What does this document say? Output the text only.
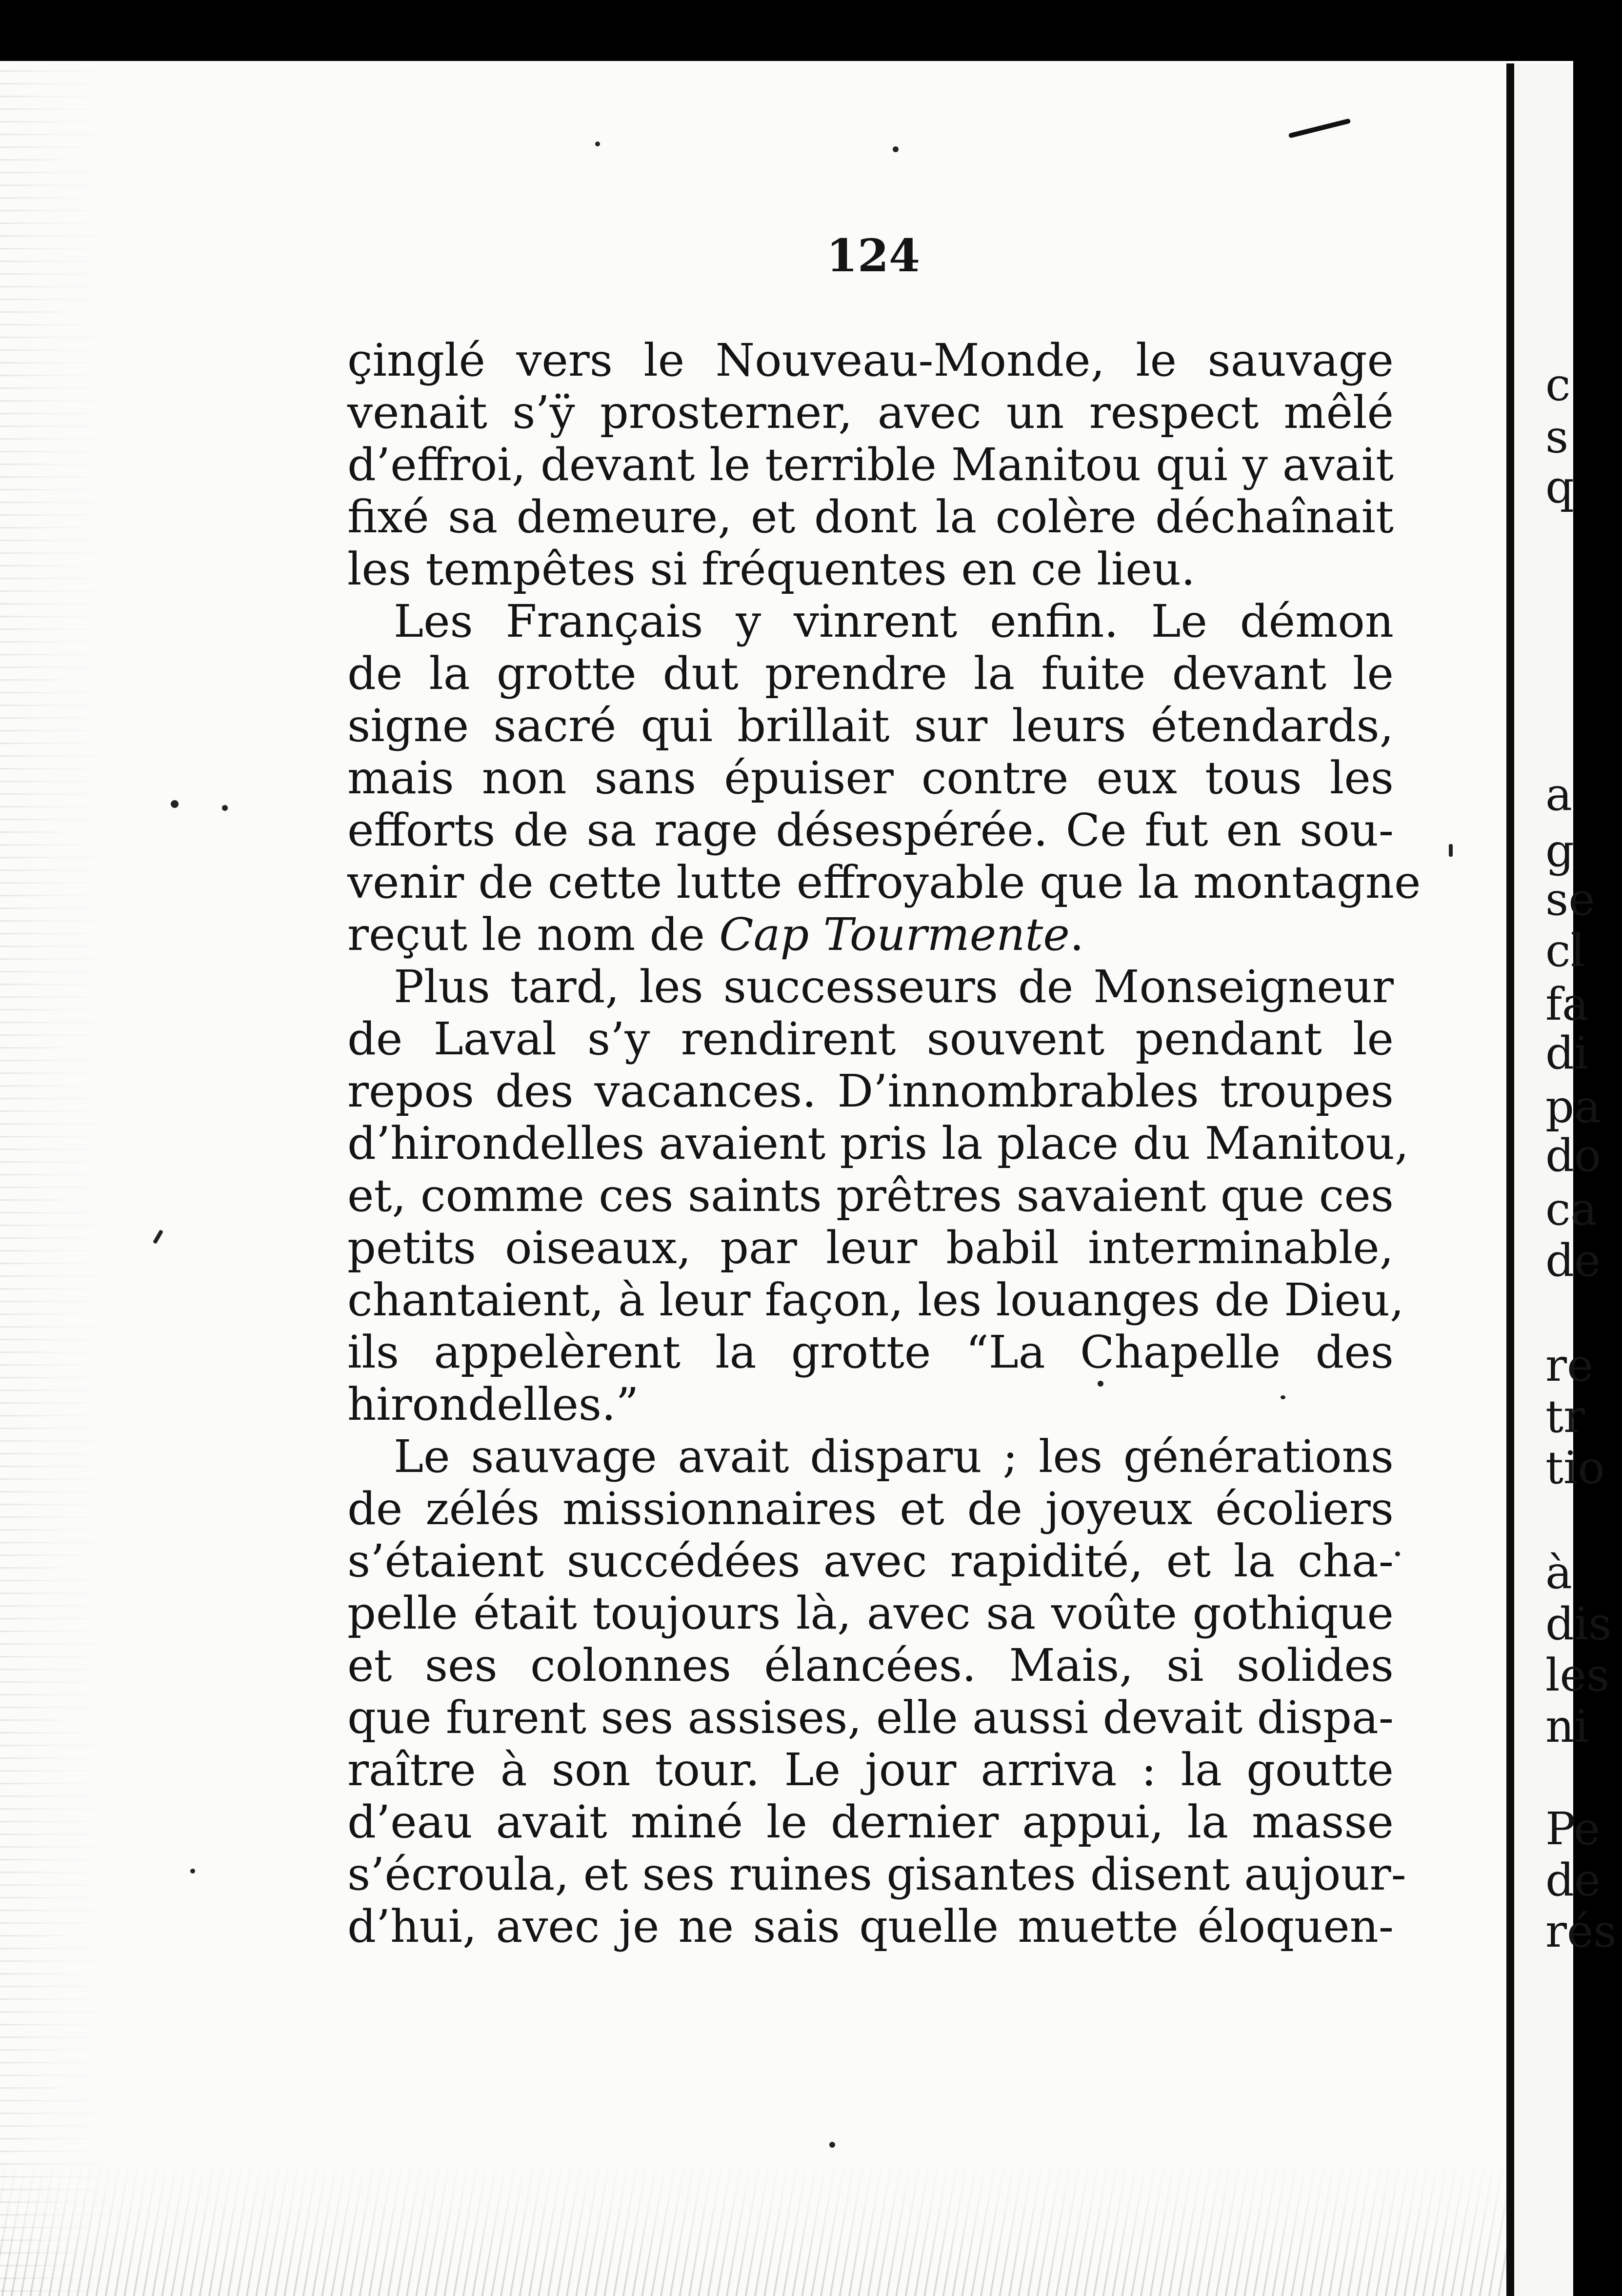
124
çinglé vers le Nouveau-Monde, le sauvage
venait s’ÿ prosterner, avec un respect mêlé
d’effroi, devant le terrible Manitou qui y avait
fixé sa demeure, et dont la colère déchaînait
les tempêtes si fréquentes en ce lieu.
Les Français y vinrent enfin. Le démon
de la grotte dut prendre la fuite devant le
signe sacré qui brillait sur leurs étendards,
mais non sans épuiser contre eux tous les
efforts de sa rage désespérée. Ce fut en sou-
venir de cette lutte effroyable que la montagne
reçut le nom de Cap Tourmente.
Plus tard, les successeurs de Monseigneur
de Laval s’y rendirent souvent pendant le
repos des vacances. D’innombrables troupes
d’hirondelles avaient pris la place du Manitou,
et, comme ces saints prêtres savaient que ces
petits oiseaux, par leur babil interminable,
chantaient, à leur façon, les louanges de Dieu,
ils appelèrent la grotte “La Chapelle des
hirondelles.”
Le sauvage avait disparu ; les générations
de zélés missionnaires et de joyeux écoliers
s’étaient succédées avec rapidité, et la cha-
pelle était toujours là, avec sa voûte gothique
et ses colonnes élancées. Mais, si solides
que furent ses assises, elle aussi devait dispa-
raître à son tour. Le jour arriva : la goutte
d’eau avait miné le dernier appui, la masse
s’écroula, et ses ruines gisantes disent aujour-
d’hui, avec je ne sais quelle muette éloquen-
c
s
q
a
g
se
cl
fa
di
pa
do
ca
de
re
tr
tio
à
dis
les
ni
Pe
de
rés
